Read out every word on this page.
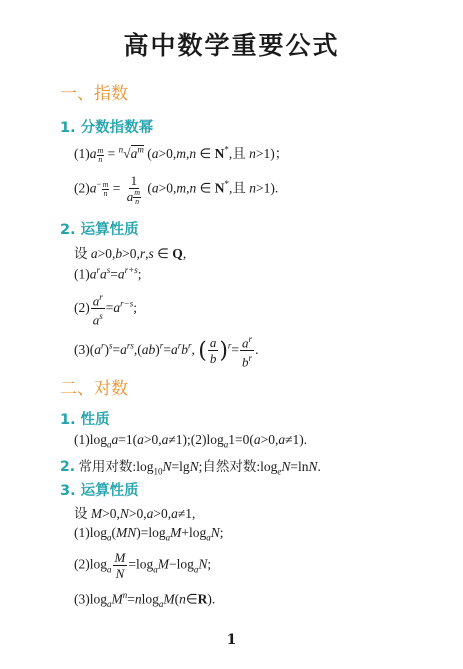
高中数学重要公式
一、指数
1. 分数指数幂
$(1)a \frac{m}{n} = ^n√a^m$ (a>0,m,n ∈ N*,且 n>1)；
$(2)a^- \frac{m}{n} = \frac{1}{a \frac{m}{n}} (a>0,m,n$ ∈ N*,且 n>1).
2. 运算性质
设 a>0,b>0,r,s ∈ Q,
$(1)a^ra^s=a^{r+s}$;
$(2) \frac{a^r}{a^s} =a^{r-s}$;
$(3)(a^r)^s=a^{rs},(ab)^r=a^rb^r$, ( $\frac{a}{b} )^r= \frac{a^r}{b^r}$ .
二、对数
1. 性质
$(1)\log_aa=1(a>0,a\ne 1);(2)\log_a1=0(a>0,a\ne 1)$.
2. 常用对数$:\log_{10}N=\lg N$;自然对数$:\log_eN=\ln N$.
3. 运算性质
设 M>0,N>0,a>0,a≠1,
$(1)\log_a(MN)=\log_aM+\log_aN$;
$(2)\log_a \frac{M}{N} =\log_aM-\log_aN$;
$(3)\log_aM^n=nlog_aM(n\in R)$.
1
